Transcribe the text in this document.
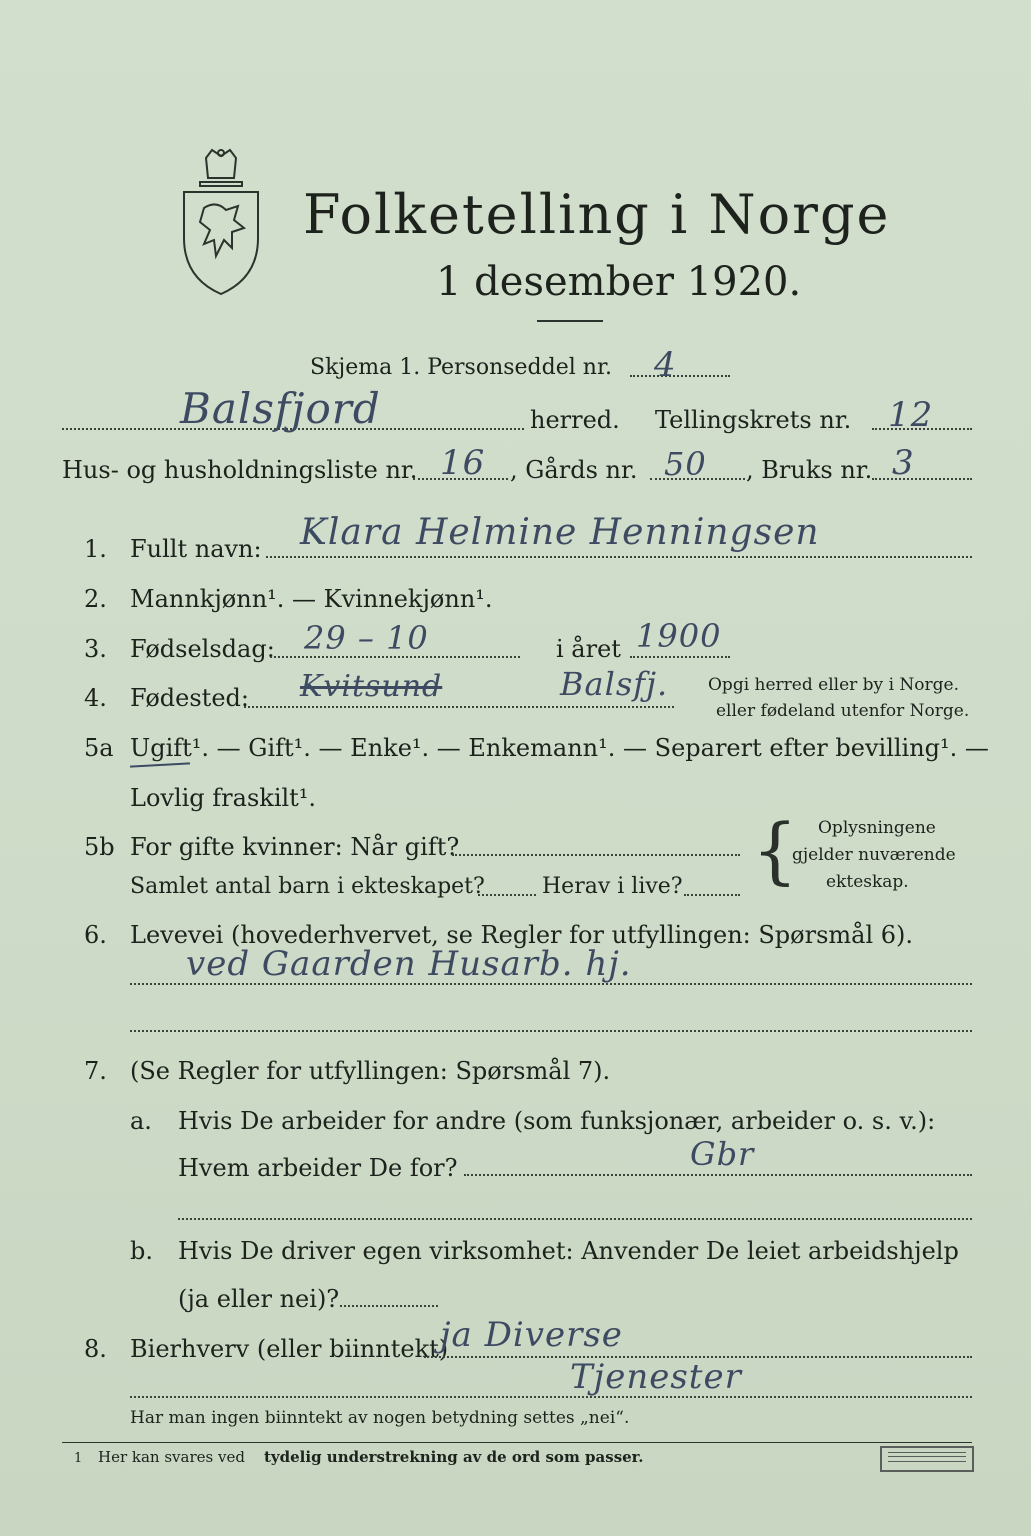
Folketelling i Norge
1 desember 1920.
Skjema 1. Personseddel nr. 4
Balsfjord	herred. Tellingskrets nr. 12
Hus- og husholdningsliste nr. 16 , Gårds nr. 50 , Bruks nr. 3
1. Fullt navn: Klara Helmine Henningsen
2. Mannkjønn¹. — Kvinnekjønn¹.
3. Fødselsdag: 29 – 10	i året 1900
4. Fødested: Kvitsund	Balsfj. Opgi herred eller by i Norge.
eller fødeland utenfor Norge.
5a Ugift¹. — Gift¹. — Enke¹. — Enkemann¹. — Separert efter bevilling¹. —
Lovlig fraskilt¹.
5b For gifte kvinner: Når gift?
Samlet antal barn i ekteskapet?	Herav i live? { Oplysningene
gjelder nuværende
ekteskap.
6. Levevei (hovederhvervet, se Regler for utfyllingen: Spørsmål 6).
ved Gaarden Husarb. hj.
7. (Se Regler for utfyllingen: Spørsmål 7).
a. Hvis De arbeider for andre (som funksjonær, arbeider o. s. v.):
Hvem arbeider De for?	Gbr
b. Hvis De driver egen virksomhet: Anvender De leiet arbeidshjelp
(ja eller nei)?
8. Bierhverv (eller biinntekt)
ja Diverse
Tjenester
Har man ingen biinntekt av nogen betydning settes „nei“.
1 Her kan svares ved tydelig understrekning av de ord som passer.
